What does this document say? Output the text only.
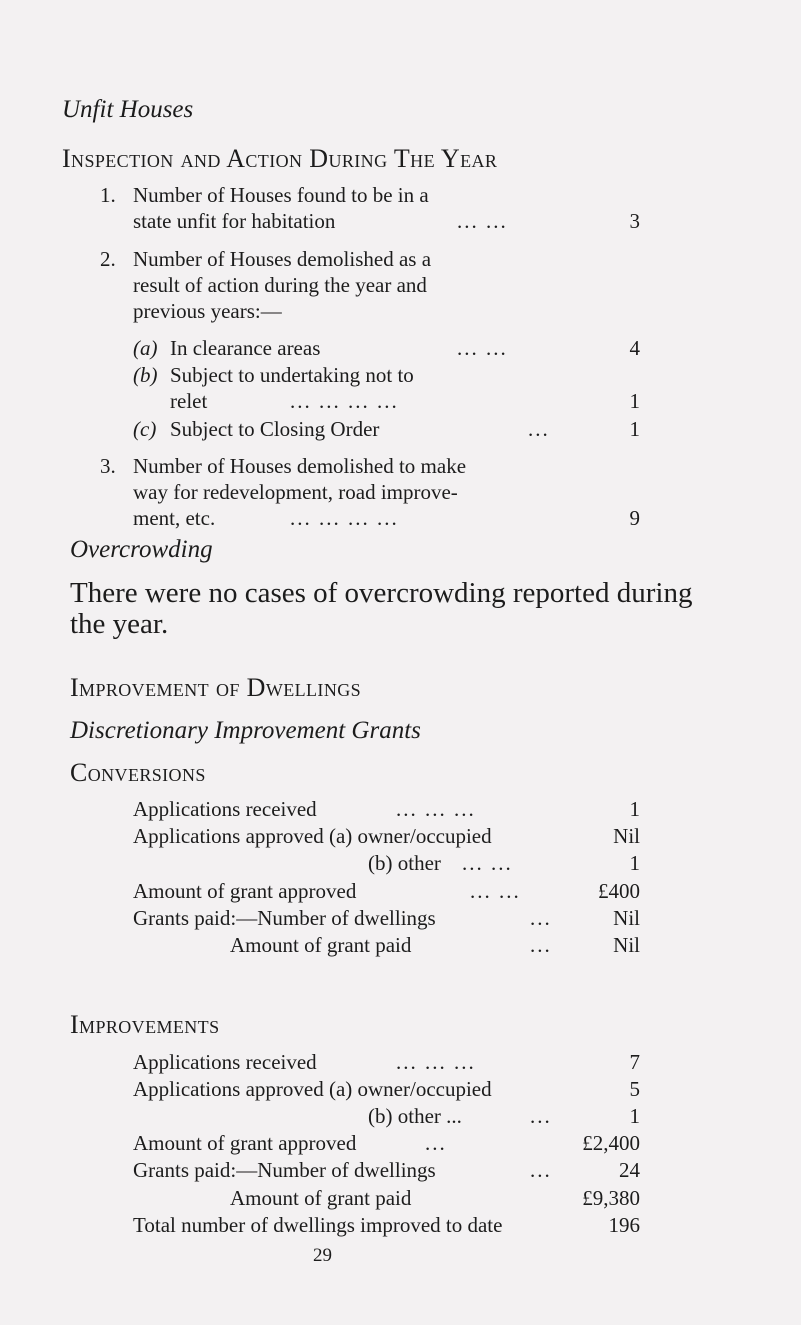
Unfit Houses
Inspection and Action During The Year
1. Number of Houses found to be in a
state unfit for habitation	... ...	3
2. Number of Houses demolished as a
result of action during the year and
previous years:—
(a) In clearance areas	... ...	4
(b) Subject to undertaking not to
relet	... ... ... ...	1
(c) Subject to Closing Order	...	1
3. Number of Houses demolished to make
way for redevelopment, road improve-
ment, etc.	... ... ... ...	9
Overcrowding
There were no cases of overcrowding reported during
the year.
Improvement of Dwellings
Discretionary Improvement Grants
Conversions
Applications received	... ... ...	1
Applications approved (a) owner/occupied	Nil
(b) other ... ...	1
Amount of grant approved	... ...	£400
Grants paid:—Number of dwellings	...	Nil
Amount of grant paid	...	Nil
Improvements
Applications received	... ... ...	7
Applications approved (a) owner/occupied	5
(b) other ...	...	1
Amount of grant approved	...	£2,400
Grants paid:—Number of dwellings	...	24
Amount of grant paid	£9,380
Total number of dwellings improved to date	196
29
